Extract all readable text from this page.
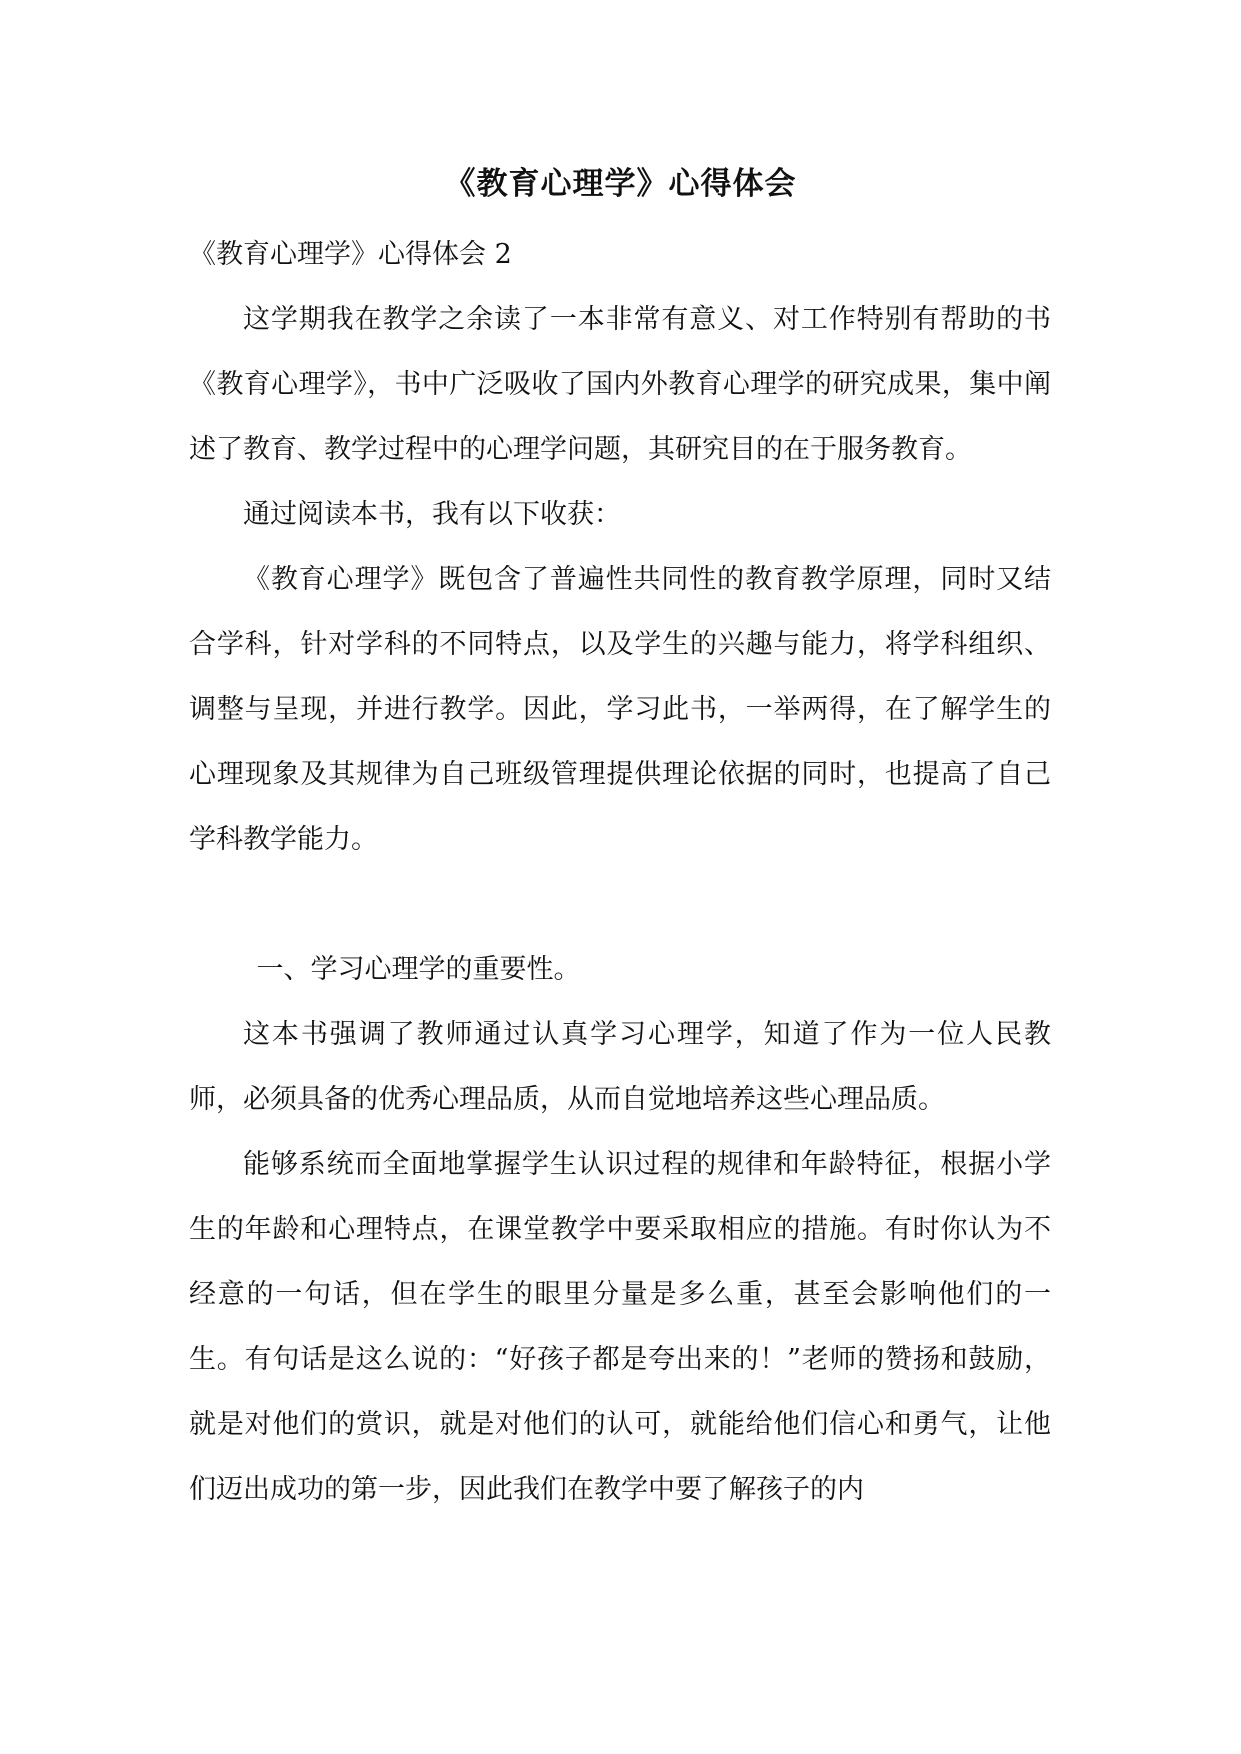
《教育心理学》心得体会

《教育心理学》心得体会 2

这学期我在教学之余读了一本非常有意义、对工作特别有帮助的书《教育心理学》，书中广泛吸收了国内外教育心理学的研究成果，集中阐述了教育、教学过程中的心理学问题，其研究目的在于服务教育。

通过阅读本书，我有以下收获：

《教育心理学》既包含了普遍性共同性的教育教学原理，同时又结合学科，针对学科的不同特点，以及学生的兴趣与能力，将学科组织、调整与呈现，并进行教学。因此，学习此书，一举两得，在了解学生的心理现象及其规律为自己班级管理提供理论依据的同时，也提高了自己学科教学能力。

一、学习心理学的重要性。

这本书强调了教师通过认真学习心理学，知道了作为一位人民教师，必须具备的优秀心理品质，从而自觉地培养这些心理品质。

能够系统而全面地掌握学生认识过程的规律和年龄特征，根据小学生的年龄和心理特点，在课堂教学中要采取相应的措施。有时你认为不经意的一句话，但在学生的眼里分量是多么重，甚至会影响他们的一生。有句话是这么说的：“好孩子都是夸出来的！”老师的赞扬和鼓励，就是对他们的赏识，就是对他们的认可，就能给他们信心和勇气，让他们迈出成功的第一步，因此我们在教学中要了解孩子的内
